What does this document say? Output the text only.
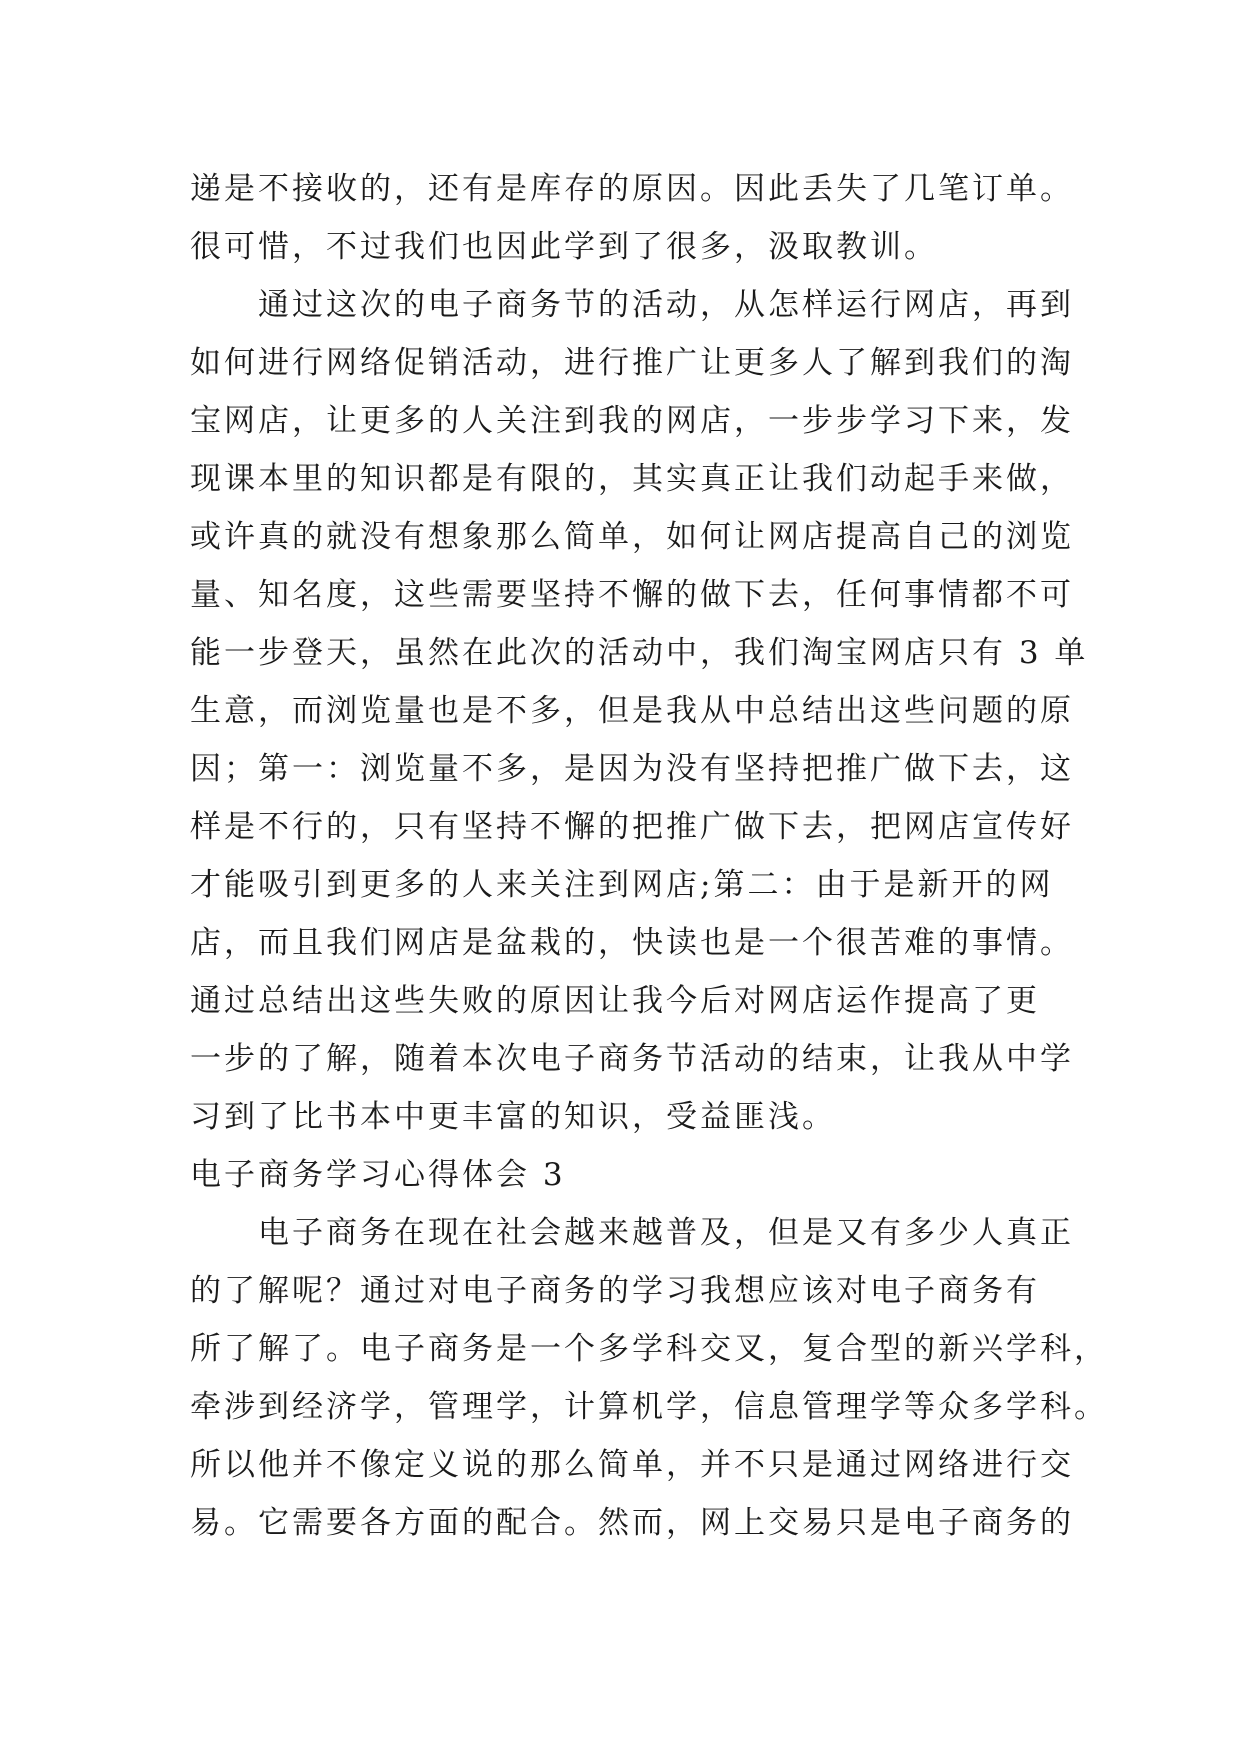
递是不接收的，还有是库存的原因。因此丢失了几笔订单。
很可惜，不过我们也因此学到了很多，汲取教训。
　　通过这次的电子商务节的活动，从怎样运行网店，再到
如何进行网络促销活动，进行推广让更多人了解到我们的淘
宝网店，让更多的人关注到我的网店，一步步学习下来，发
现课本里的知识都是有限的，其实真正让我们动起手来做，
或许真的就没有想象那么简单，如何让网店提高自己的浏览
量、知名度，这些需要坚持不懈的做下去，任何事情都不可
能一步登天，虽然在此次的活动中，我们淘宝网店只有 3 单
生意，而浏览量也是不多，但是我从中总结出这些问题的原
因；第一：浏览量不多，是因为没有坚持把推广做下去，这
样是不行的，只有坚持不懈的把推广做下去，把网店宣传好
才能吸引到更多的人来关注到网店;第二：由于是新开的网
店，而且我们网店是盆栽的，快读也是一个很苦难的事情。
通过总结出这些失败的原因让我今后对网店运作提高了更
一步的了解，随着本次电子商务节活动的结束，让我从中学
习到了比书本中更丰富的知识，受益匪浅。
电子商务学习心得体会 3
　　电子商务在现在社会越来越普及，但是又有多少人真正
的了解呢？通过对电子商务的学习我想应该对电子商务有
所了解了。电子商务是一个多学科交叉，复合型的新兴学科，
牵涉到经济学，管理学，计算机学，信息管理学等众多学科。
所以他并不像定义说的那么简单，并不只是通过网络进行交
易。它需要各方面的配合。然而，网上交易只是电子商务的
